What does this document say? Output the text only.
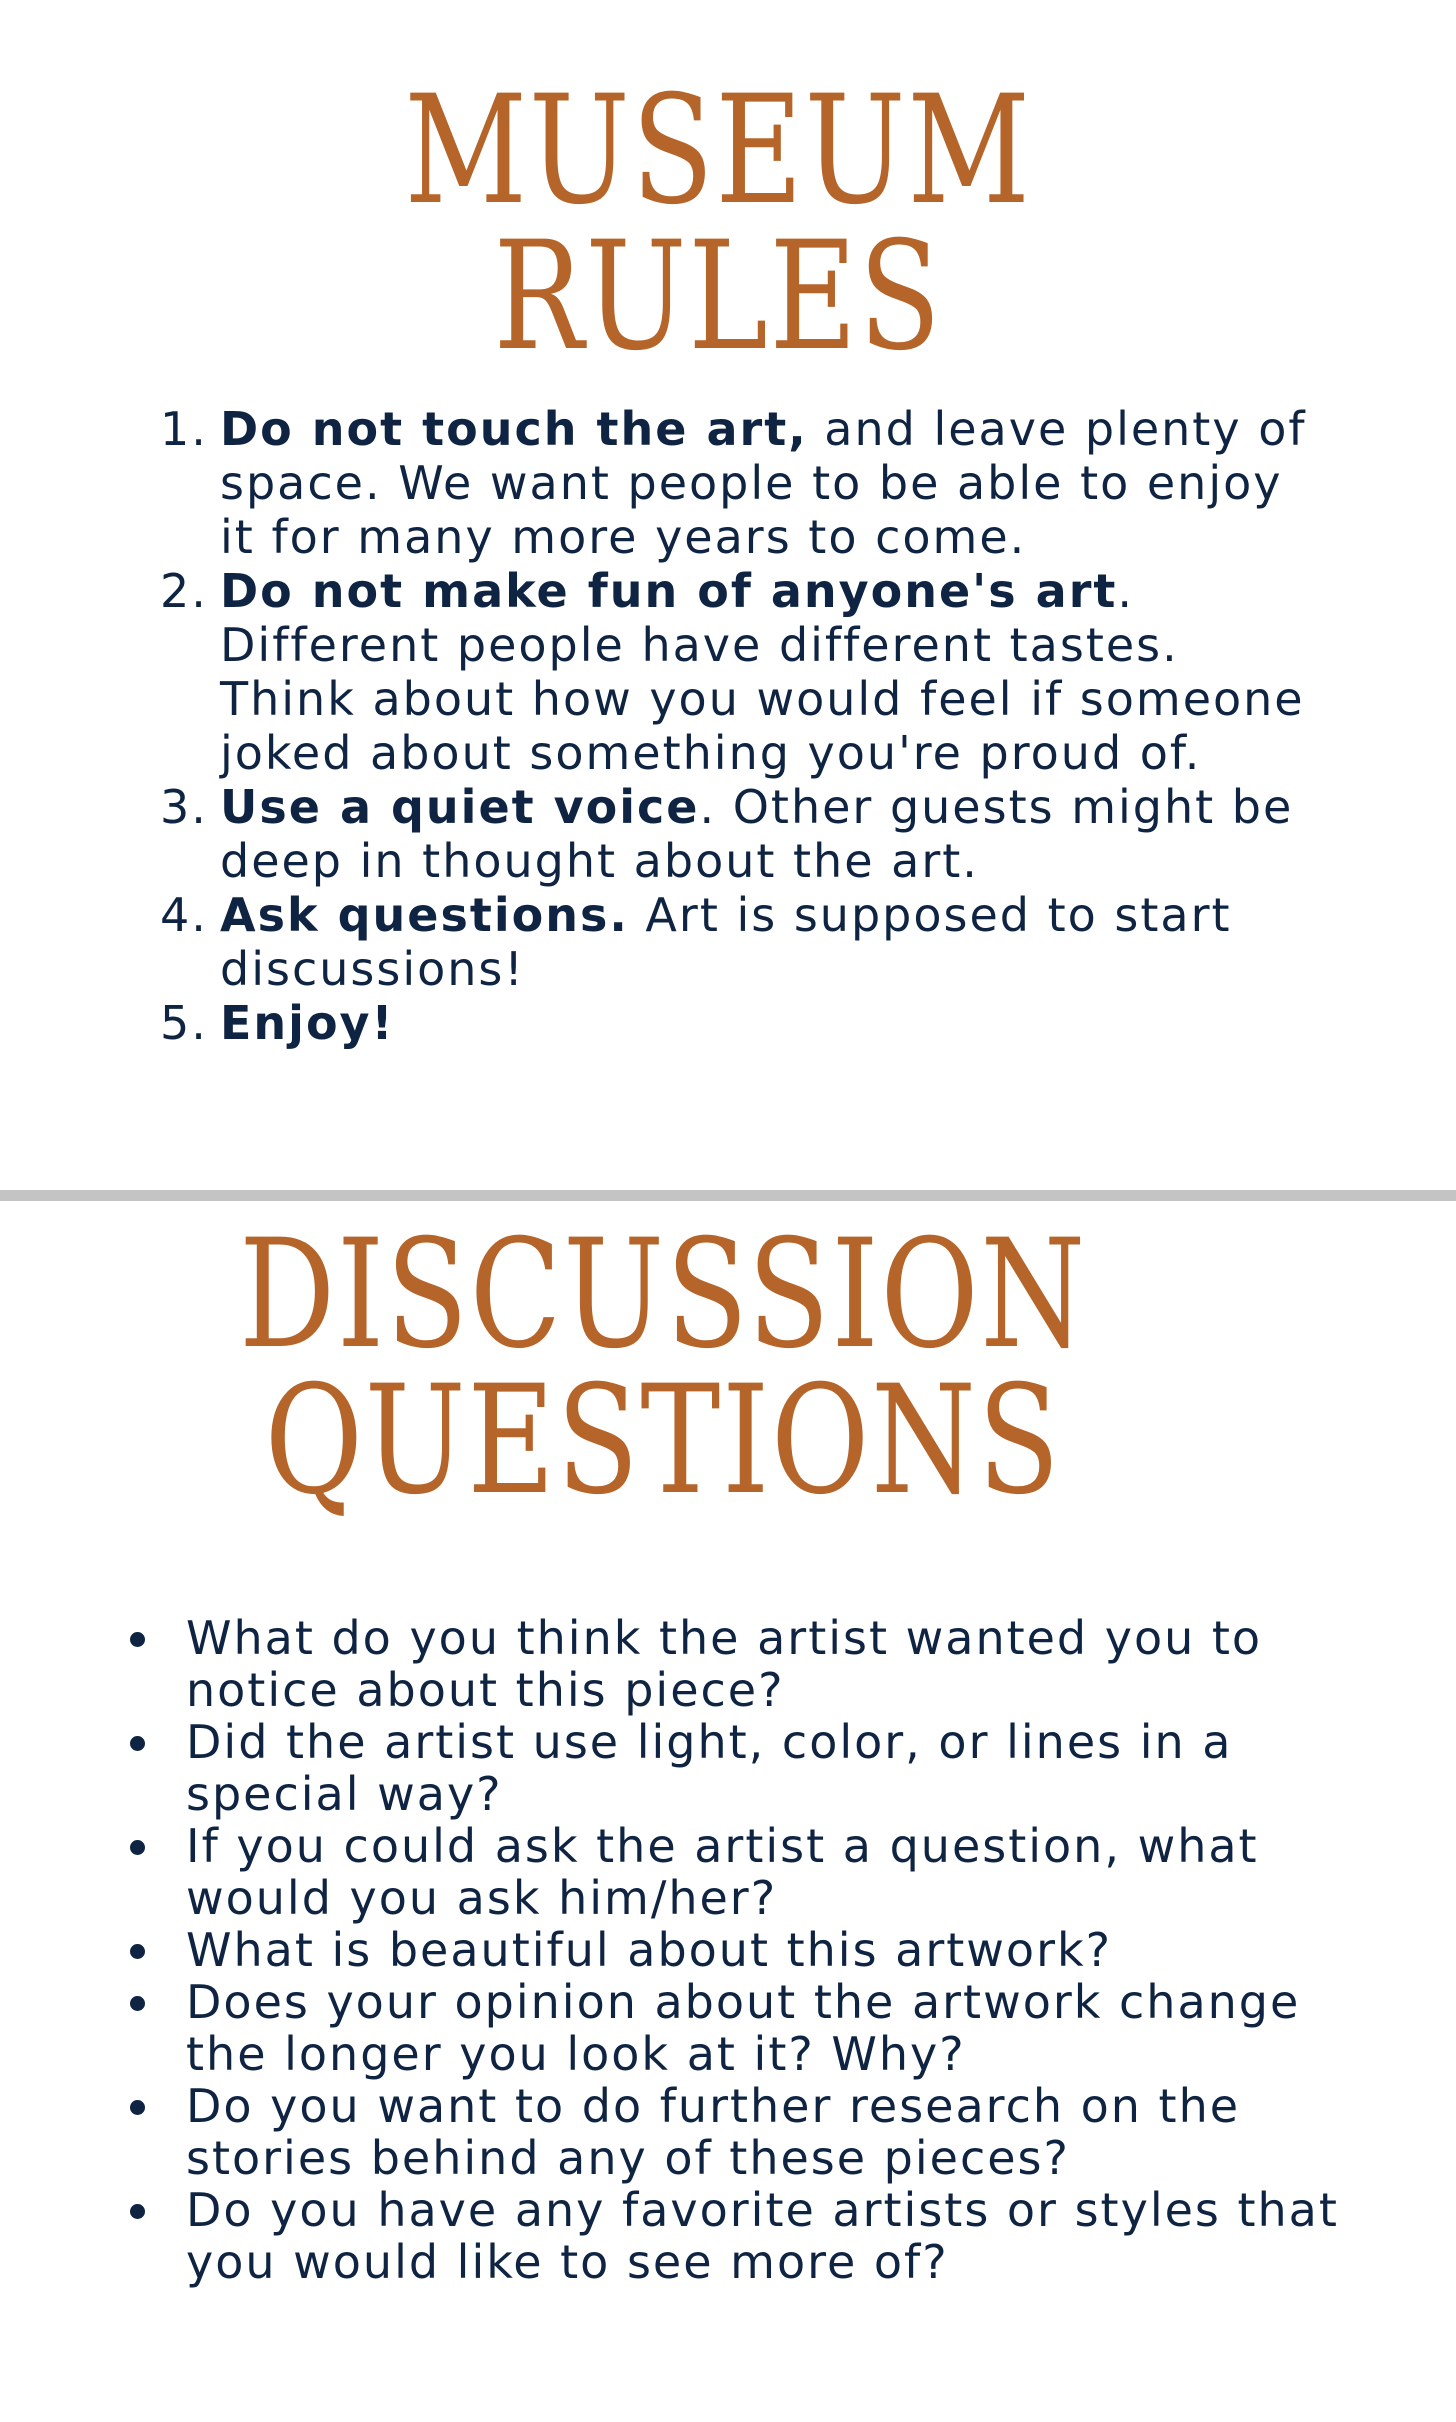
MUSEUM
RULES
1. Do not touch the art, and leave plenty of space. We want people to be able to enjoy it for many more years to come.
2. Do not make fun of anyone's art. Different people have different tastes. Think about how you would feel if someone joked about something you're proud of.
3. Use a quiet voice. Other guests might be deep in thought about the art.
4. Ask questions. Art is supposed to start discussions!
5. Enjoy!
DISCUSSION
QUESTIONS
What do you think the artist wanted you to notice about this piece?
Did the artist use light, color, or lines in a special way?
If you could ask the artist a question, what would you ask him/her?
What is beautiful about this artwork?
Does your opinion about the artwork change the longer you look at it? Why?
Do you want to do further research on the stories behind any of these pieces?
Do you have any favorite artists or styles that you would like to see more of?
